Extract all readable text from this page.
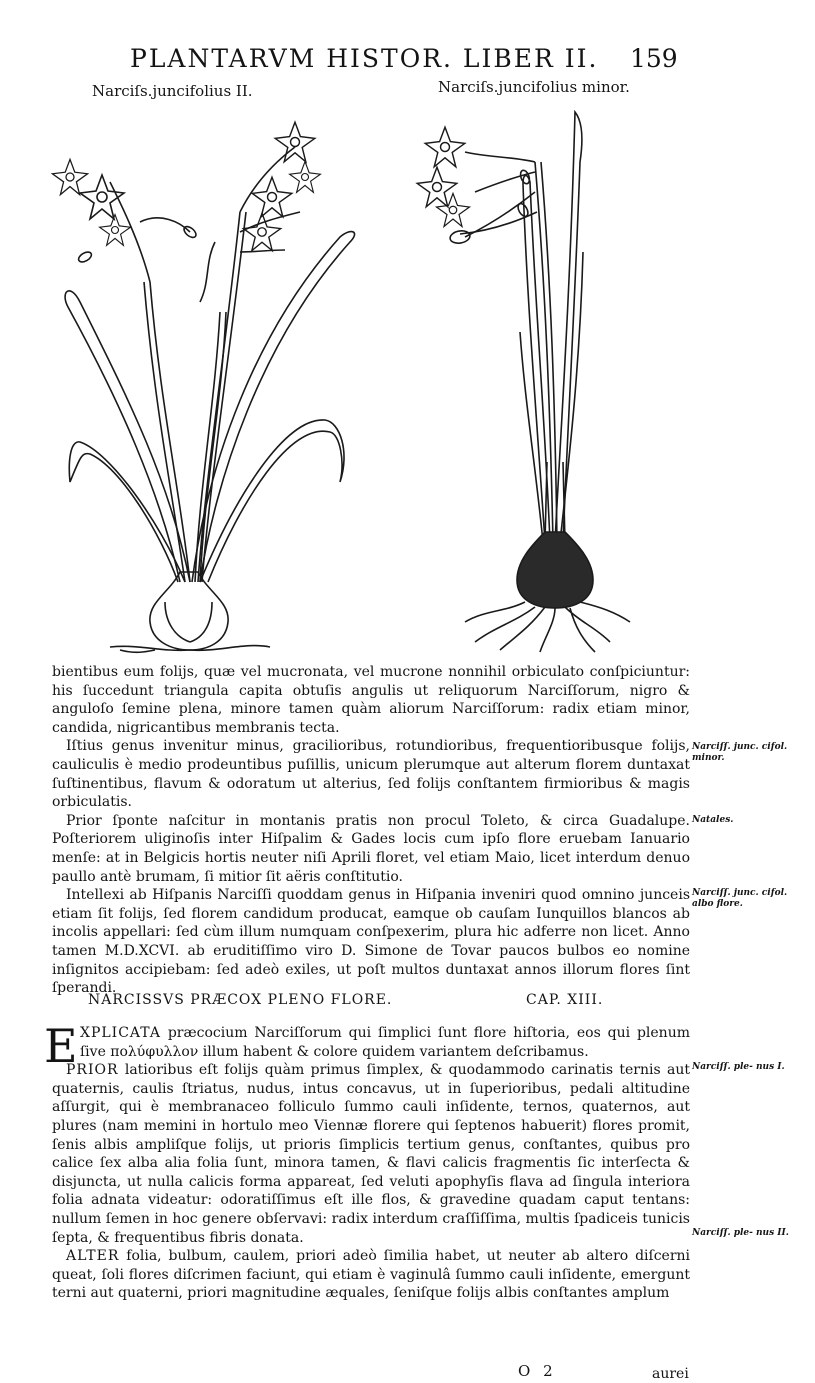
PLANTARVM HISTOR. LIBER II.	159
Narciſs.juncifolius II.	Narciſs.juncifolius minor.

bientibus eum folijs, quæ vel mucronata, vel mucrone nonnihil orbiculato conſpiciuntur: his ſuccedunt triangula capita obtuſis angulis ut reliquorum Narciſſorum, nigro & anguloſo ſemine plena, minore tamen quàm aliorum Narciſſorum: radix etiam minor, candida, nigricantibus membranis tecta.

Iſtius genus invenitur minus, gracilioribus, rotundioribus, frequentioribusque folijs, cauliculis è medio prodeuntibus puſillis, unicum plerumque aut alterum florem duntaxat ſuſtinentibus, flavum & odoratum ut alterius, ſed folijs conſtantem firmioribus & magis orbiculatis.

Prior ſponte naſcitur in montanis pratis non procul Toleto, & circa Guadalupe. Poſteriorem uliginoſis inter Hiſpalim & Gades locis cum ipſo flore eruebam Ianuario menſe: at in Belgicis hortis neuter niſi Aprili floret, vel etiam Maio, licet interdum denuo paullo antè brumam, ſi mitior ſit aëris conſtitutio.

Intellexi ab Hiſpanis Narciſſi quoddam genus in Hiſpania inveniri quod omnino junceis etiam ſit folijs, ſed florem candidum producat, eamque ob cauſam Iunquillos blancos ab incolis appellari: ſed cùm illum numquam conſpexerim, plura hic adferre non licet. Anno tamen M.D.XCVI. ab eruditiſſimo viro D. Simone de Tovar paucos bulbos eo nomine inſignitos accipiebam: ſed adeò exiles, ut poſt multos duntaxat annos illorum flores ſint ſperandi.

Narciſſ. junc. cifol. minor.
Natales.
Narciſſ. junc. cifol. albo flore.
Narciſſ. ple- nus I.
Narciſſ. ple- nus II.
NARCISSVS PRÆCOX PLENO FLORE.	CAP. XIII.
E XPLICATA præcocium Narciſſorum qui ſimplici ſunt flore hiſtoria, eos qui plenum ſive πολύφυλλον illum habent & colore quidem variantem deſcribamus.

PRIOR latioribus eſt folijs quàm primus ſimplex, & quodammodo carinatis ternis aut quaternis, caulis ſtriatus, nudus, intus concavus, ut in ſuperioribus, pedali altitudine aſſurgit, qui è membranaceo folliculo ſummo cauli inſidente, ternos, quaternos, aut plures (nam memini in hortulo meo Viennæ florere qui ſeptenos habuerit) flores promit, ſenis albis ampliſque folijs, ut prioris ſimplicis tertium genus, conſtantes, quibus pro calice ſex alba alia folia ſunt, minora tamen, & flavi calicis fragmentis ſic interſecta & disjuncta, ut nulla calicis forma appareat, ſed veluti apophyſis flava ad ſingula interiora folia adnata videatur: odoratiſſimus eſt ille flos, & gravedine quadam caput tentans: nullum ſemen in hoc genere obſervavi: radix interdum craſſiſſima, multis ſpadiceis tunicis ſepta, & frequentibus fibris donata.

ALTER folia, bulbum, caulem, priori adeò ſimilia habet, ut neuter ab altero diſcerni queat, ſoli flores diſcrimen faciunt, qui etiam è vaginulâ ſummo cauli inſidente, emergunt terni aut quaterni, priori magnitudine æquales, ſeniſque folijs albis conſtantes amplum

O 2	aurei
